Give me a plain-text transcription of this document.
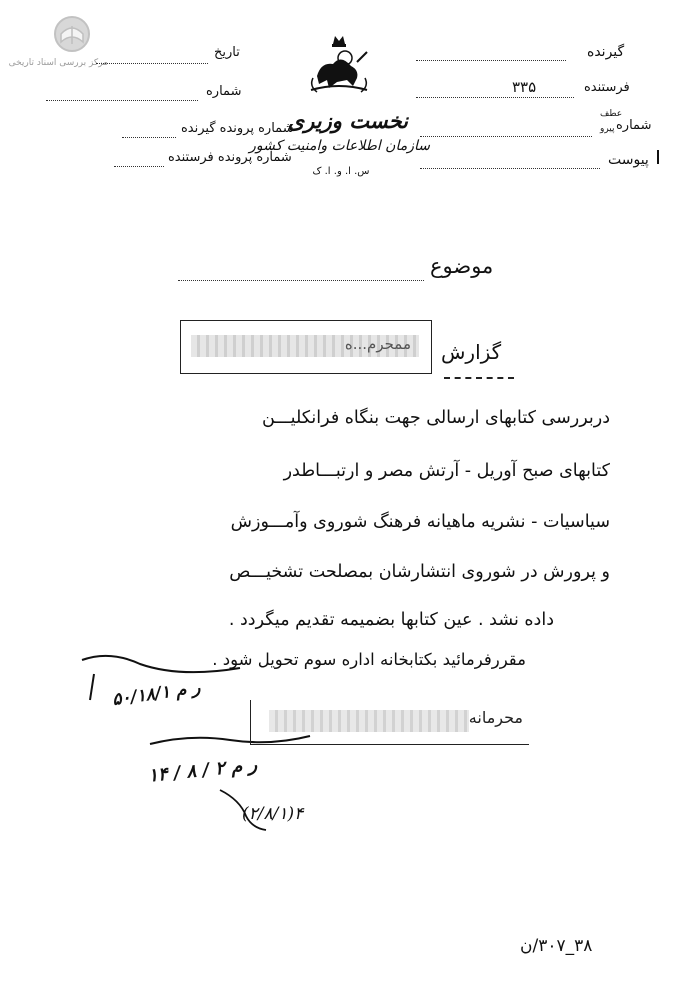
مرکز بررسی اسناد تاریخی
تاریخ
شماره
شماره پرونده گیرنده
شماره پرونده فرستنده
نخست وزیری
سازمان اطلاعات وامنیت کشور
س. ا. و. ا. ک
گیرنده
فرستنده
۳۳۵
شماره
عطف
پیرو
پیوست
موضوع
ممحرم...ه گزارش
دربررسی کتابهای ارسالی جهت بنگاه فرانکلیـــن
کتابهای صبح آوریل - آرتش مصر و ارتبـــاطدر
سیاسیات - نشریه ماهیانه فرهنگ شوروی وآمـــوزش
و پرورش در شوروی انتشارشان بمصلحت تشخیـــص
داده نشد . عین کتابها بضمیمه تقدیم میگردد .
مقررفرمائید بکتابخانه اداره سوم تحویل شود .
۵۰/۱۸/۱ ر م
۱۴ / ۸ / ۲ ر م
(۲/۸/۱)۴
محرمانه
۳۸_۳۰۷/ن
